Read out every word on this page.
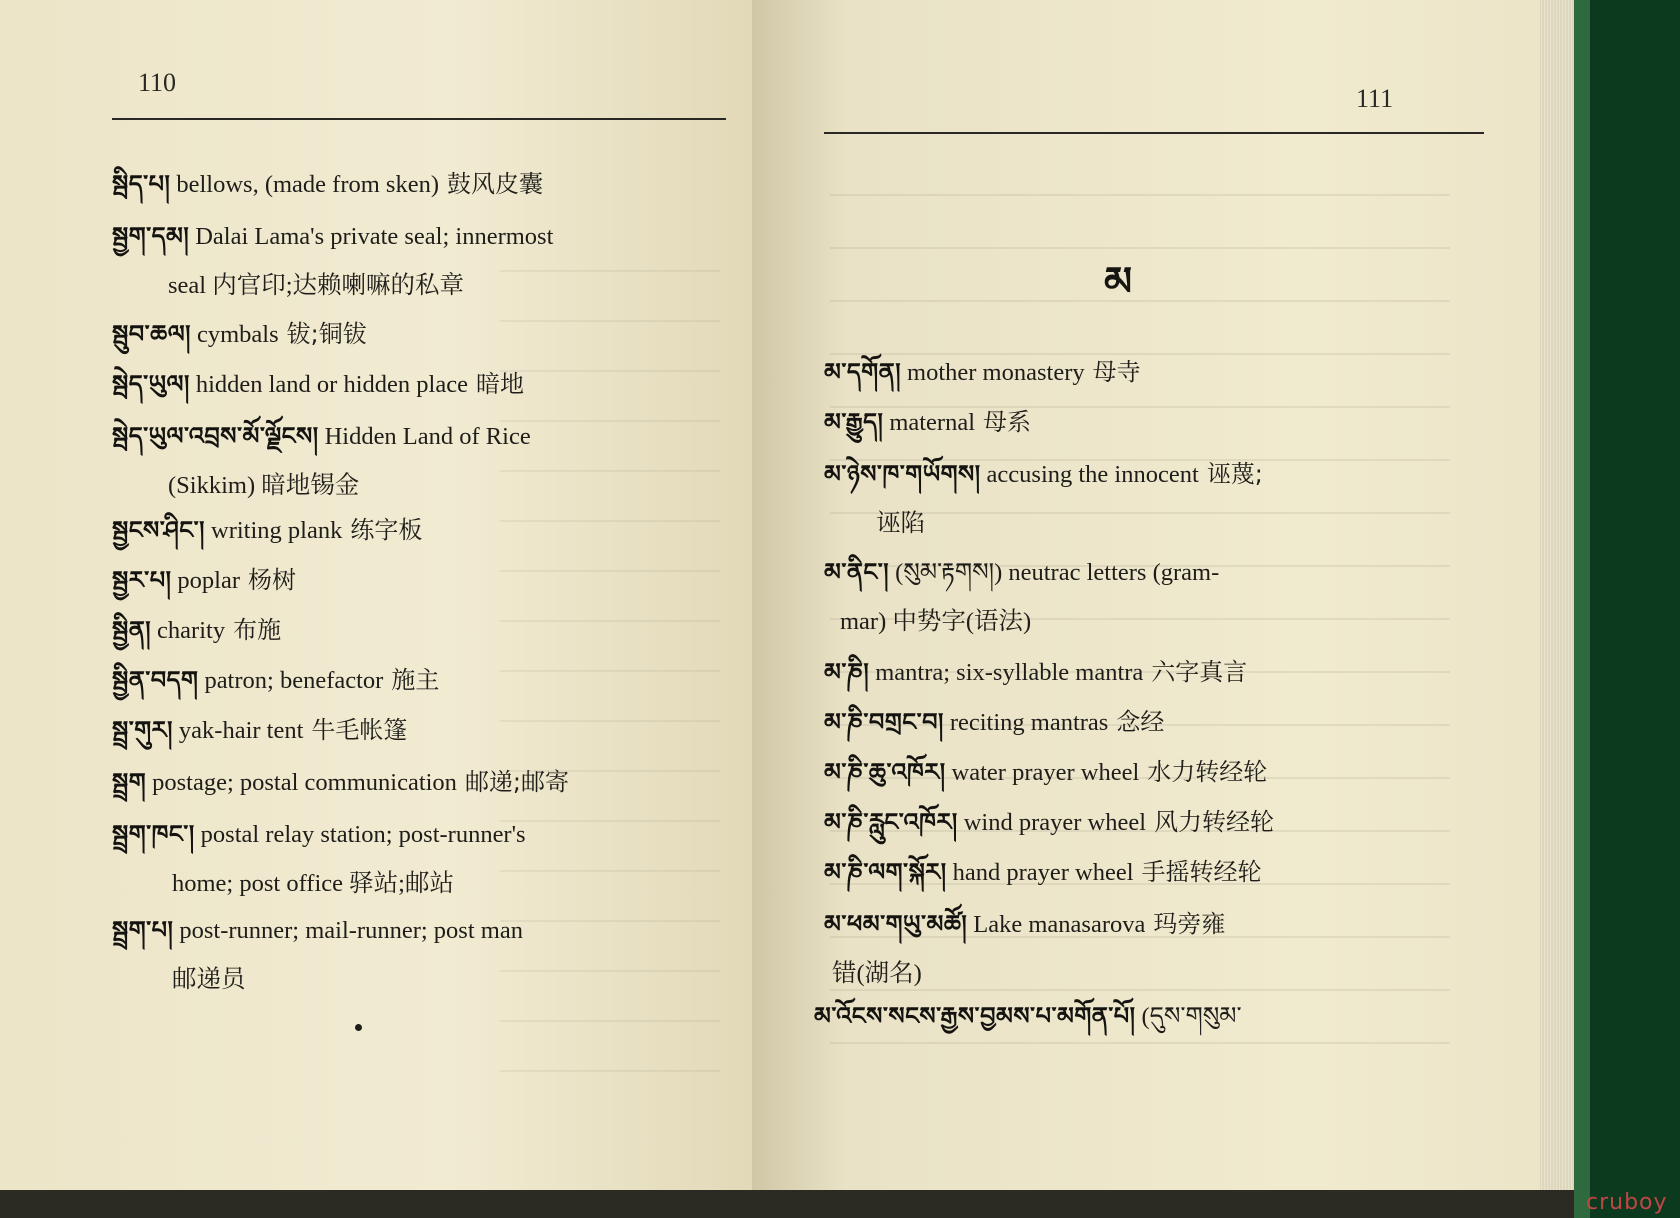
110
སྦིད་པ། bellows, (made from sken) 鼓风皮囊
སྦྱག་དམ། Dalai Lama's private seal; innermost
seal 内官印;达赖喇嘛的私章
སྦུབ་ཆལ། cymbals 钹;铜钹
སྦེད་ཡུལ། hidden land or hidden place 暗地
སྦེད་ཡུལ་འབྲས་མོ་ལྗོངས། Hidden Land of Rice
(Sikkim) 暗地锡金
སྦྱངས་ཤིང་། writing plank 练字板
སྦྱར་པ། poplar 杨树
སྦྱིན། charity 布施
སྦྱིན་བདག patron; benefactor 施主
སྦྲ་གུར། yak-hair tent 牛毛帐篷
སྦྲག postage; postal communication 邮递;邮寄
སྦྲག་ཁང་། postal relay station; post-runner's
home; post office 驿站;邮站
སྦྲག་པ། post-runner; mail-runner; post man
邮递员
111
མ
མ་དགོན། mother monastery 母寺
མ་རྒྱུད། maternal 母系
མ་ཉེས་ཁ་གཡོགས། accusing the innocent 诬蔑;
诬陷
མ་ནིང་། (སུམ་རྟགས།) neutrac letters (gram-
mar) 中势字(语法)
མ་ཎི། mantra; six-syllable mantra 六字真言
མ་ཎི་བགྲང་བ། reciting mantras 念经
མ་ཎི་ཆུ་འཁོར། water prayer wheel 水力转经轮
མ་ཎི་རླུང་འཁོར། wind prayer wheel 风力转经轮
མ་ཎི་ལག་སྐོར། hand prayer wheel 手摇转经轮
མ་ཕམ་གཡུ་མཚོ། Lake manasarova 玛旁雍
错(湖名)
མ་འོངས་སངས་རྒྱས་བྱམས་པ་མགོན་པོ། (དུས་གསུམ་
cruboy
